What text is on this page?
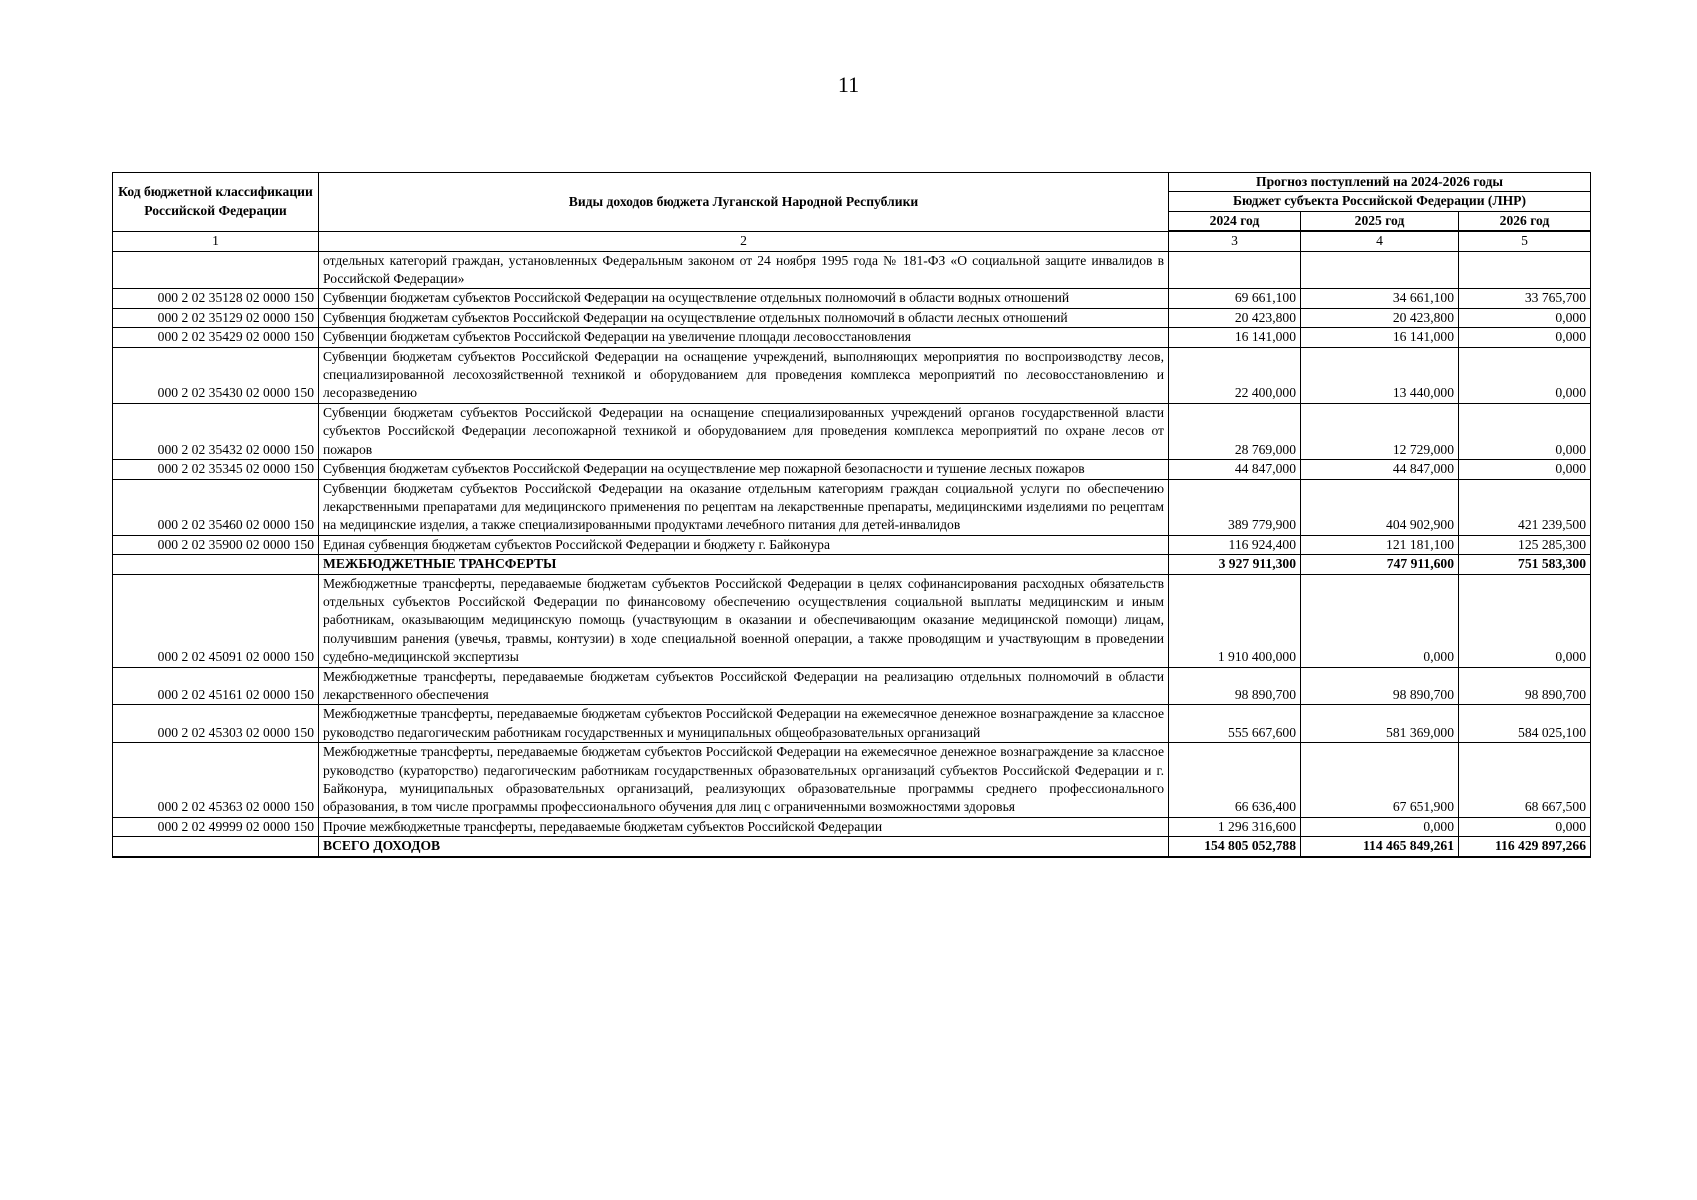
11
Код бюджетной классификации Российской Федерации	Виды доходов бюджета Луганской Народной Республики	Прогноз поступлений на 2024-2026 годы		
		Бюджет субъекта Российской Федерации (ЛНР)		
		2024 год	2025 год	2026 год
1	2	3	4	5
	отдельных категорий граждан, установленных Федеральным законом от 24 ноября 1995 года № 181-ФЗ «О социальной защите инвалидов в Российской Федерации»			
000 2 02 35128 02 0000 150	Субвенции бюджетам субъектов Российской Федерации на осуществление отдельных полномочий в области водных отношений	69 661,100	34 661,100	33 765,700
000 2 02 35129 02 0000 150	Субвенция бюджетам субъектов Российской Федерации на осуществление отдельных полномочий в области лесных отношений	20 423,800	20 423,800	0,000
000 2 02 35429 02 0000 150	Субвенции бюджетам субъектов Российской Федерации на увеличение площади лесовосстановления	16 141,000	16 141,000	0,000
000 2 02 35430 02 0000 150	Субвенции бюджетам субъектов Российской Федерации на оснащение учреждений, выполняющих мероприятия по воспроизводству лесов, специализированной лесохозяйственной техникой и оборудованием для проведения комплекса мероприятий по лесовосстановлению и лесоразведению	22 400,000	13 440,000	0,000
000 2 02 35432 02 0000 150	Субвенции бюджетам субъектов Российской Федерации на оснащение специализированных учреждений органов государственной власти субъектов Российской Федерации лесопожарной техникой и оборудованием для проведения комплекса мероприятий по охране лесов от пожаров	28 769,000	12 729,000	0,000
000 2 02 35345 02 0000 150	Субвенция бюджетам субъектов Российской Федерации на осуществление мер пожарной безопасности и тушение лесных пожаров	44 847,000	44 847,000	0,000
000 2 02 35460 02 0000 150	Субвенции бюджетам субъектов Российской Федерации на оказание отдельным категориям граждан социальной услуги по обеспечению лекарственными препаратами для медицинского применения по рецептам на лекарственные препараты, медицинскими изделиями по рецептам на медицинские изделия, а также специализированными продуктами лечебного питания для детей-инвалидов	389 779,900	404 902,900	421 239,500
000 2 02 35900 02 0000 150	Единая субвенция бюджетам субъектов Российской Федерации и бюджету г. Байконура	116 924,400	121 181,100	125 285,300
	МЕЖБЮДЖЕТНЫЕ ТРАНСФЕРТЫ	3 927 911,300	747 911,600	751 583,300
000 2 02 45091 02 0000 150	Межбюджетные трансферты, передаваемые бюджетам субъектов Российской Федерации в целях софинансирования расходных обязательств отдельных субъектов Российской Федерации по финансовому обеспечению осуществления социальной выплаты медицинским и иным работникам, оказывающим медицинскую помощь (участвующим в оказании и обеспечивающим оказание медицинской помощи) лицам, получившим ранения (увечья, травмы, контузии) в ходе специальной военной операции, а также проводящим и участвующим в проведении судебно-медицинской экспертизы	1 910 400,000	0,000	0,000
000 2 02 45161 02 0000 150	Межбюджетные трансферты, передаваемые бюджетам субъектов Российской Федерации на реализацию отдельных полномочий в области лекарственного обеспечения	98 890,700	98 890,700	98 890,700
000 2 02 45303 02 0000 150	Межбюджетные трансферты, передаваемые бюджетам субъектов Российской Федерации на ежемесячное денежное вознаграждение за классное руководство педагогическим работникам государственных и муниципальных общеобразовательных организаций	555 667,600	581 369,000	584 025,100
000 2 02 45363 02 0000 150	Межбюджетные трансферты, передаваемые бюджетам субъектов Российской Федерации на ежемесячное денежное вознаграждение за классное руководство (кураторство) педагогическим работникам государственных образовательных организаций субъектов Российской Федерации и г. Байконура, муниципальных образовательных организаций, реализующих образовательные программы среднего профессионального образования, в том числе программы профессионального обучения для лиц с ограниченными возможностями здоровья	66 636,400	67 651,900	68 667,500
000 2 02 49999 02 0000 150	Прочие межбюджетные трансферты, передаваемые бюджетам субъектов Российской Федерации	1 296 316,600	0,000	0,000
	ВСЕГО ДОХОДОВ	154 805 052,788	114 465 849,261	116 429 897,266
